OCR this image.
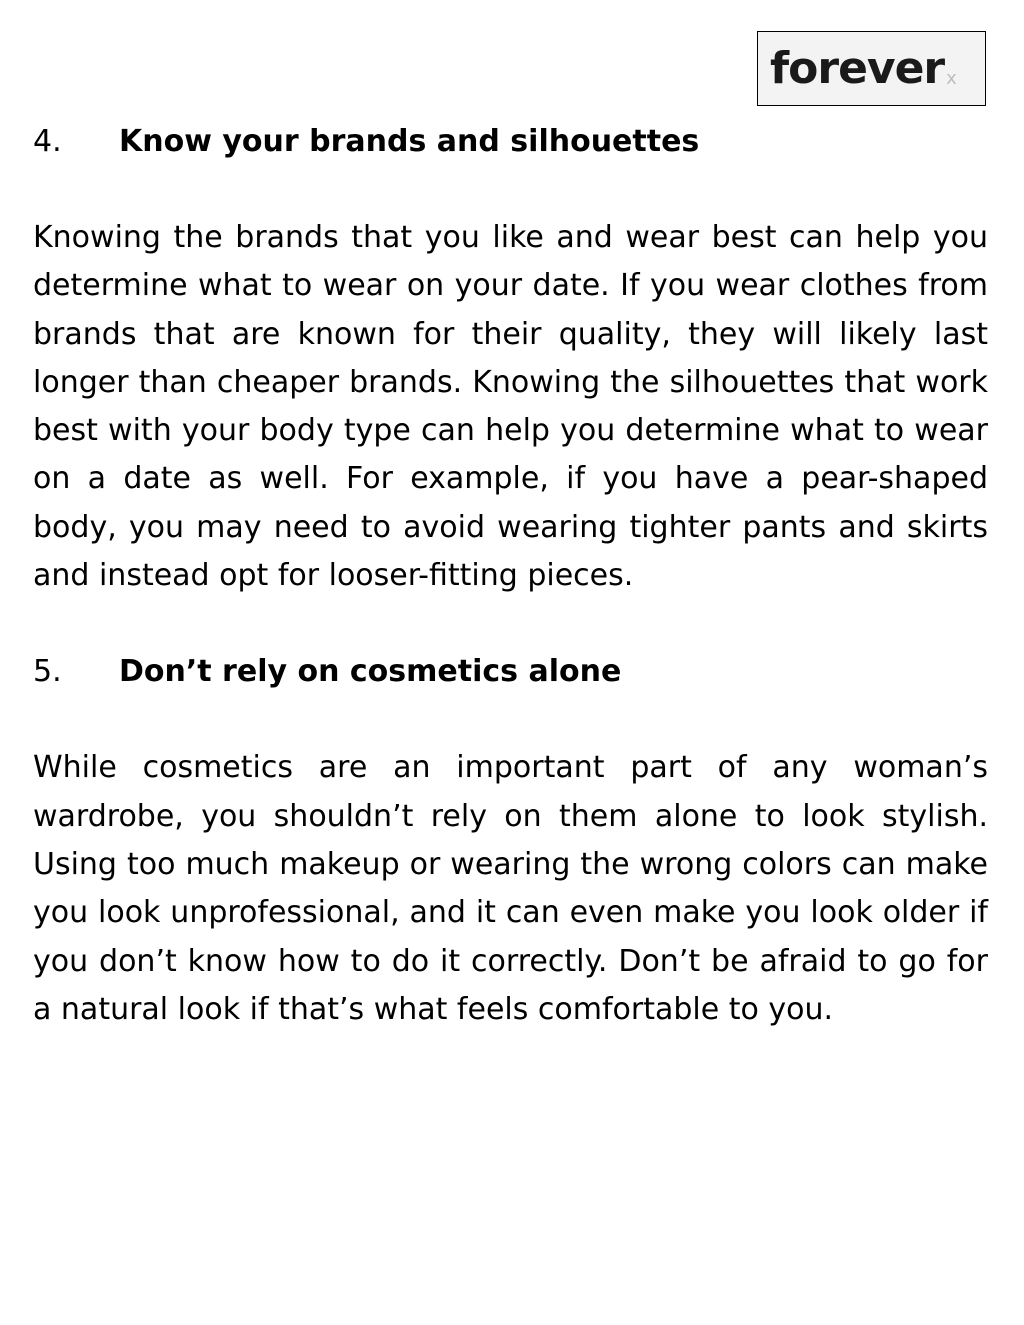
forever x
4.	Know your brands and silhouettes

Knowing the brands that you like and wear best can help you determine what to wear on your date. If you wear clothes from brands that are known for their quality, they will likely last longer than cheaper brands. Knowing the silhouettes that work best with your body type can help you determine what to wear on a date as well. For example, if you have a pear-shaped body, you may need to avoid wearing tighter pants and skirts and instead opt for looser-fitting pieces.

5.	Don’t rely on cosmetics alone

While cosmetics are an important part of any woman’s wardrobe, you shouldn’t rely on them alone to look stylish. Using too much makeup or wearing the wrong colors can make you look unprofessional, and it can even make you look older if you don’t know how to do it correctly. Don’t be afraid to go for a natural look if that’s what feels comfortable to you.
